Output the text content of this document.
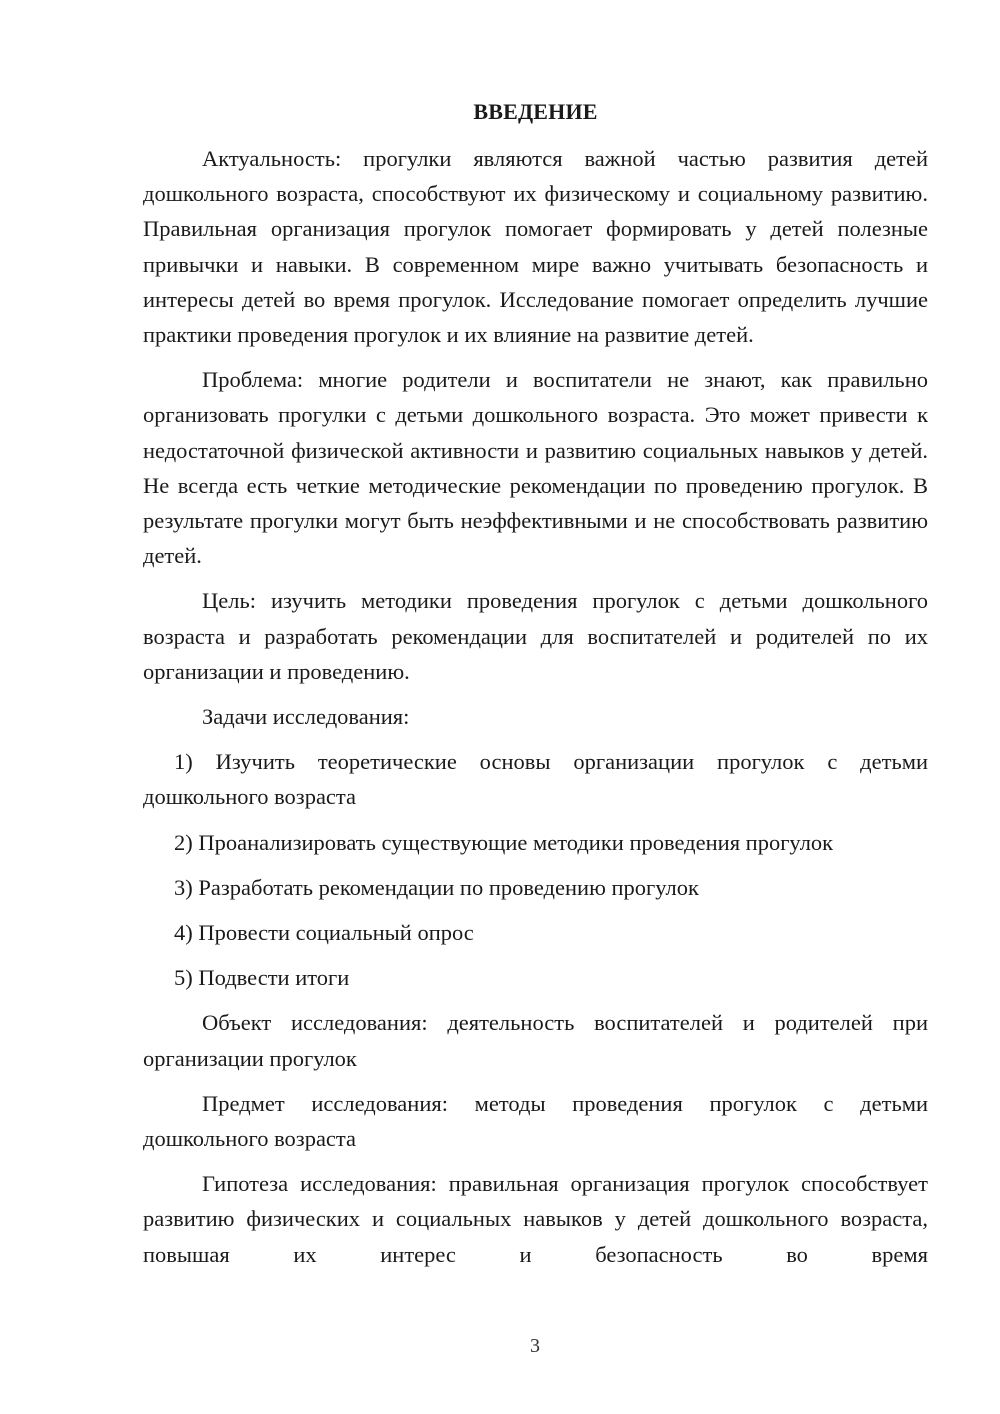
ВВЕДЕНИЕ

Актуальность: прогулки являются важной частью развития детей дошкольного возраста, способствуют их физическому и социальному развитию. Правильная организация прогулок помогает формировать у детей полезные привычки и навыки. В современном мире важно учитывать безопасность и интересы детей во время прогулок. Исследование помогает определить лучшие практики проведения прогулок и их влияние на развитие детей.

Проблема: многие родители и воспитатели не знают, как правильно организовать прогулки с детьми дошкольного возраста. Это может привести к недостаточной физической активности и развитию социальных навыков у детей. Не всегда есть четкие методические рекомендации по проведению прогулок. В результате прогулки могут быть неэффективными и не способствовать развитию детей.

Цель: изучить методики проведения прогулок с детьми дошкольного возраста и разработать рекомендации для воспитателей и родителей по их организации и проведению.

Задачи исследования:

1) Изучить теоретические основы организации прогулок с детьми дошкольного возраста

2) Проанализировать существующие методики проведения прогулок

3) Разработать рекомендации по проведению прогулок

4) Провести социальный опрос

5) Подвести итоги

Объект исследования: деятельность воспитателей и родителей при организации прогулок

Предмет исследования: методы проведения прогулок с детьми дошкольного возраста

Гипотеза исследования: правильная организация прогулок способствует развитию физических и социальных навыков у детей дошкольного возраста, повышая их интерес и безопасность во время

3
